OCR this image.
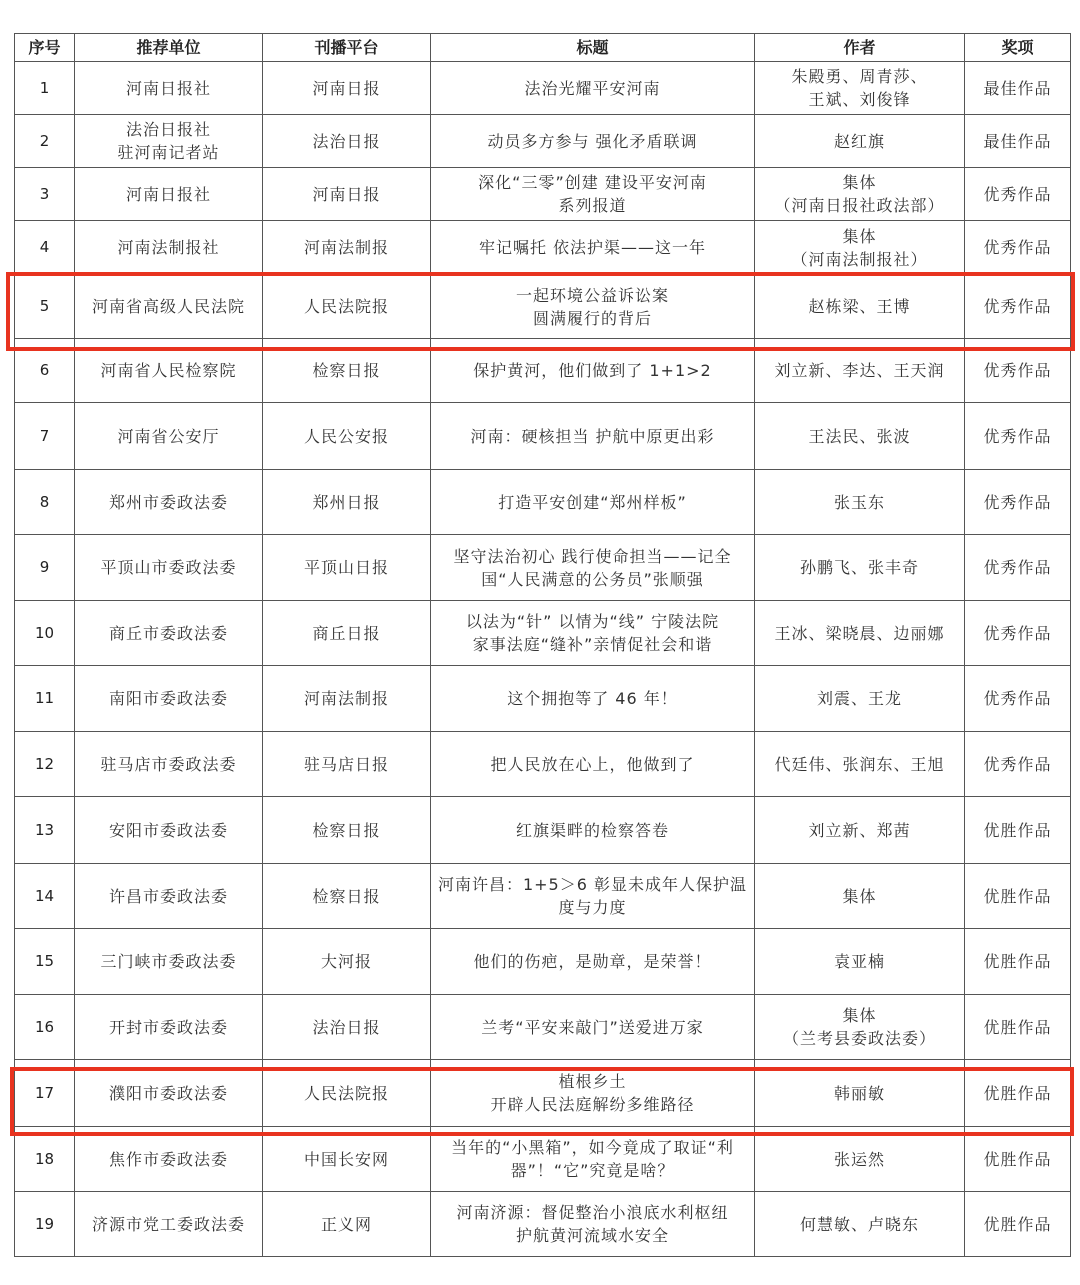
序号	推荐单位	刊播平台	标题	作者	奖项
1	河南日报社	河南日报	法治光耀平安河南	朱殿勇、周青莎、
王斌、刘俊锋	最佳作品
2	法治日报社
驻河南记者站	法治日报	动员多方参与 强化矛盾联调	赵红旗	最佳作品
3	河南日报社	河南日报	深化“三零”创建 建设平安河南
系列报道	集体
（河南日报社政法部）	优秀作品
4	河南法制报社	河南法制报	牢记嘱托 依法护渠——这一年	集体
（河南法制报社）	优秀作品
5	河南省高级人民法院	人民法院报	一起环境公益诉讼案
圆满履行的背后	赵栋梁、王博	优秀作品
6	河南省人民检察院	检察日报	保护黄河，他们做到了 1+1>2	刘立新、李达、王天润	优秀作品
7	河南省公安厅	人民公安报	河南：硬核担当 护航中原更出彩	王法民、张波	优秀作品
8	郑州市委政法委	郑州日报	打造平安创建“郑州样板”	张玉东	优秀作品
9	平顶山市委政法委	平顶山日报	坚守法治初心 践行使命担当——记全
国“人民满意的公务员”张顺强	孙鹏飞、张丰奇	优秀作品
10	商丘市委政法委	商丘日报	以法为“针” 以情为“线” 宁陵法院
家事法庭“缝补”亲情促社会和谐	王冰、梁晓晨、边丽娜	优秀作品
11	南阳市委政法委	河南法制报	这个拥抱等了 46 年！	刘震、王龙	优秀作品
12	驻马店市委政法委	驻马店日报	把人民放在心上，他做到了	代廷伟、张润东、王旭	优秀作品
13	安阳市委政法委	检察日报	红旗渠畔的检察答卷	刘立新、郑茜	优胜作品
14	许昌市委政法委	检察日报	河南许昌：1+5＞6 彰显未成年人保护温
度与力度	集体	优胜作品
15	三门峡市委政法委	大河报	他们的伤疤，是勋章，是荣誉！	袁亚楠	优胜作品
16	开封市委政法委	法治日报	兰考“平安来敲门”送爱进万家	集体
（兰考县委政法委）	优胜作品
17	濮阳市委政法委	人民法院报	植根乡土
开辟人民法庭解纷多维路径	韩丽敏	优胜作品
18	焦作市委政法委	中国长安网	当年的“小黑箱”，如今竟成了取证“利
器”！“它”究竟是啥？	张运然	优胜作品
19	济源市党工委政法委	正义网	河南济源：督促整治小浪底水利枢纽
护航黄河流域水安全	何慧敏、卢晓东	优胜作品
